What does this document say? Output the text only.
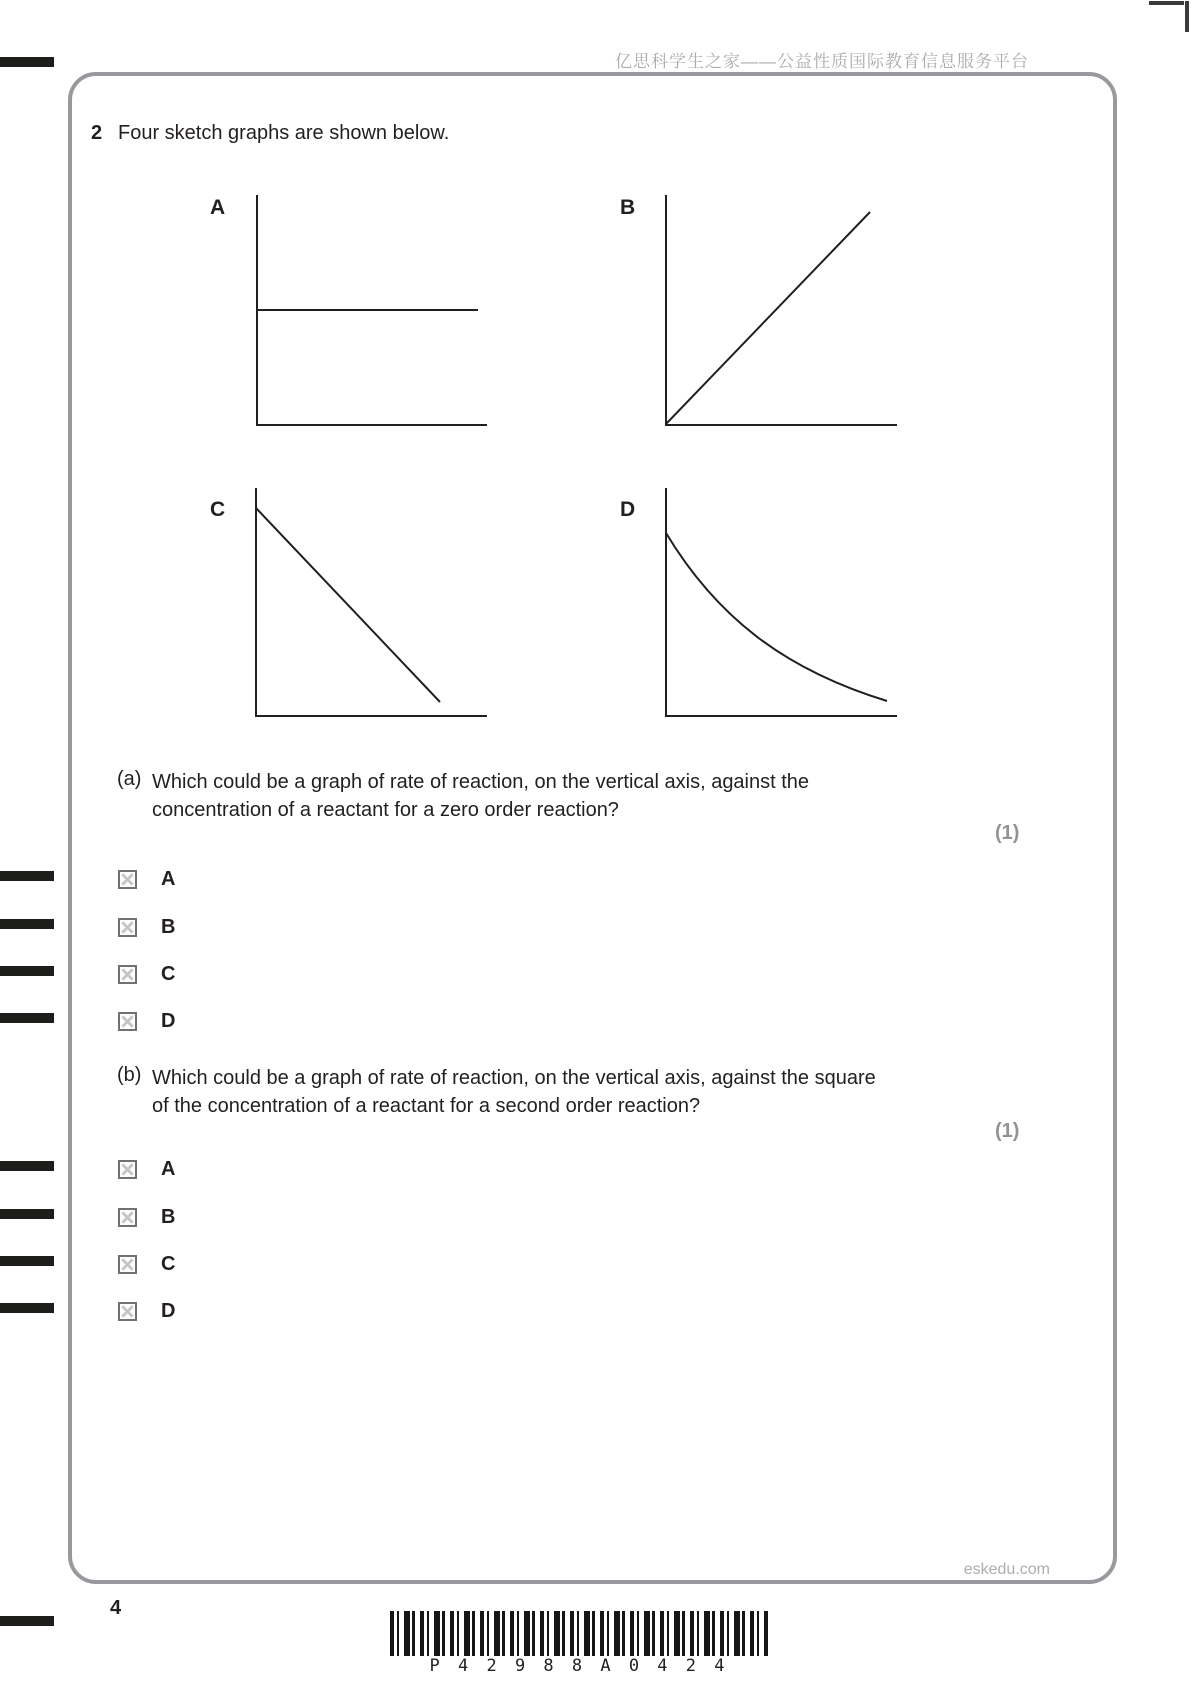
亿思科学生之家——公益性质国际教育信息服务平台
2 Four sketch graphs are shown below.
A	B
C	D
(a) Which could be a graph of rate of reaction, on the vertical axis, against the
concentration of a reactant for a zero order reaction?
(1)
A
B
C
D
(b) Which could be a graph of rate of reaction, on the vertical axis, against the square
of the concentration of a reactant for a second order reaction?
(1)
A
B
C
D
eskedu.com
4
P 4 2 9 8 8 A 0 4 2 4
